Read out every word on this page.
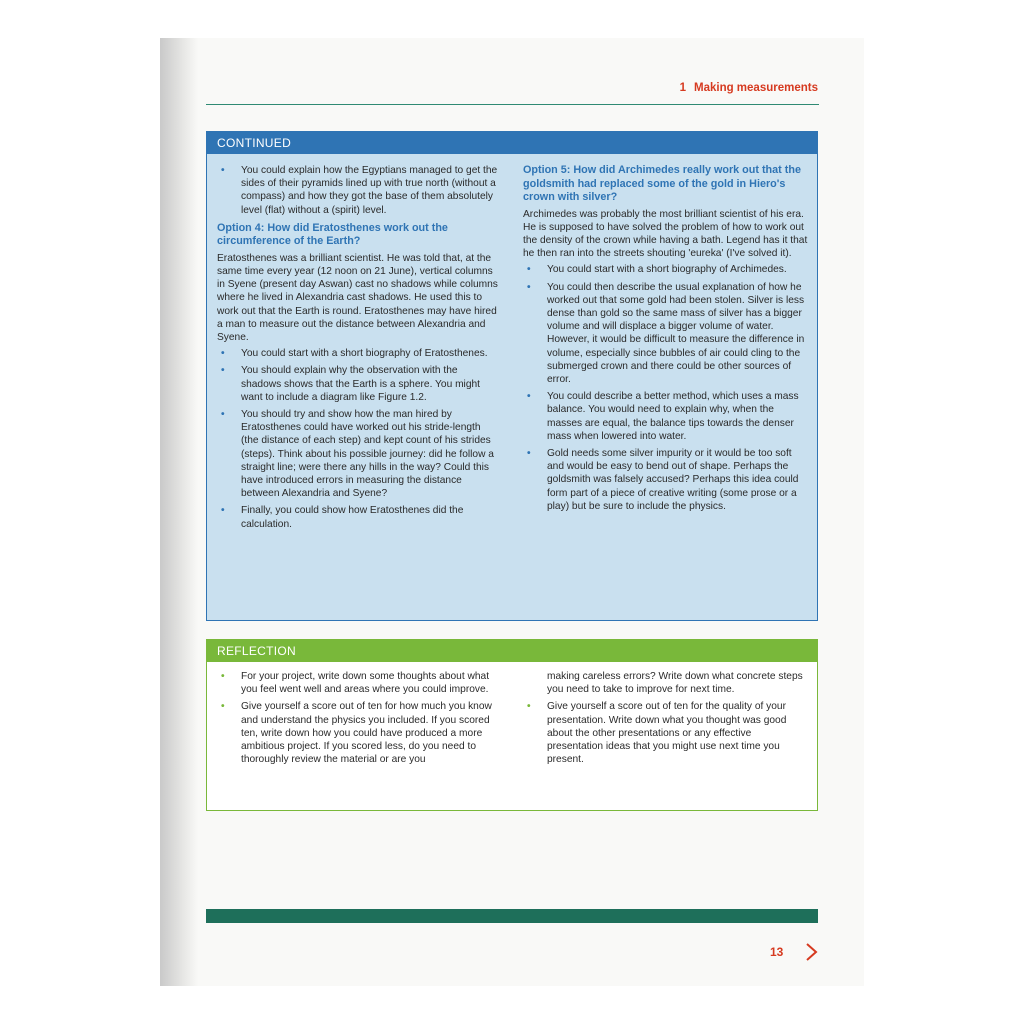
1 Making measurements
CONTINUED
• You could explain how the Egyptians managed to get the sides of their pyramids lined up with true north (without a compass) and how they got the base of them absolutely level (flat) without a (spirit) level.

Option 4: How did Eratosthenes work out the circumference of the Earth?

Eratosthenes was a brilliant scientist. He was told that, at the same time every year (12 noon on 21 June), vertical columns in Syene (present day Aswan) cast no shadows while columns where he lived in Alexandria cast shadows. He used this to work out that the Earth is round. Eratosthenes may have hired a man to measure out the distance between Alexandria and Syene.

• You could start with a short biography of Eratosthenes.
• You should explain why the observation with the shadows shows that the Earth is a sphere. You might want to include a diagram like Figure 1.2.
• You should try and show how the man hired by Eratosthenes could have worked out his stride-length (the distance of each step) and kept count of his strides (steps). Think about his possible journey: did he follow a straight line; were there any hills in the way? Could this have introduced errors in measuring the distance between Alexandria and Syene?
• Finally, you could show how Eratosthenes did the calculation.

Option 5: How did Archimedes really work out that the goldsmith had replaced some of the gold in Hiero's crown with silver?

Archimedes was probably the most brilliant scientist of his era. He is supposed to have solved the problem of how to work out the density of the crown while having a bath. Legend has it that he then ran into the streets shouting 'eureka' (I've solved it).

• You could start with a short biography of Archimedes.
• You could then describe the usual explanation of how he worked out that some gold had been stolen. Silver is less dense than gold so the same mass of silver has a bigger volume and will displace a bigger volume of water. However, it would be difficult to measure the difference in volume, especially since bubbles of air could cling to the submerged crown and there could be other sources of error.
• You could describe a better method, which uses a mass balance. You would need to explain why, when the masses are equal, the balance tips towards the denser mass when lowered into water.
• Gold needs some silver impurity or it would be too soft and would be easy to bend out of shape. Perhaps the goldsmith was falsely accused? Perhaps this idea could form part of a piece of creative writing (some prose or a play) but be sure to include the physics.
REFLECTION
• For your project, write down some thoughts about what you feel went well and areas where you could improve.
• Give yourself a score out of ten for how much you know and understand the physics you included. If you scored ten, write down how you could have produced a more ambitious project. If you scored less, do you need to thoroughly review the material or are you

making careless errors? Write down what concrete steps you need to take to improve for next time.

• Give yourself a score out of ten for the quality of your presentation. Write down what you thought was good about the other presentations or any effective presentation ideas that you might use next time you present.
13
